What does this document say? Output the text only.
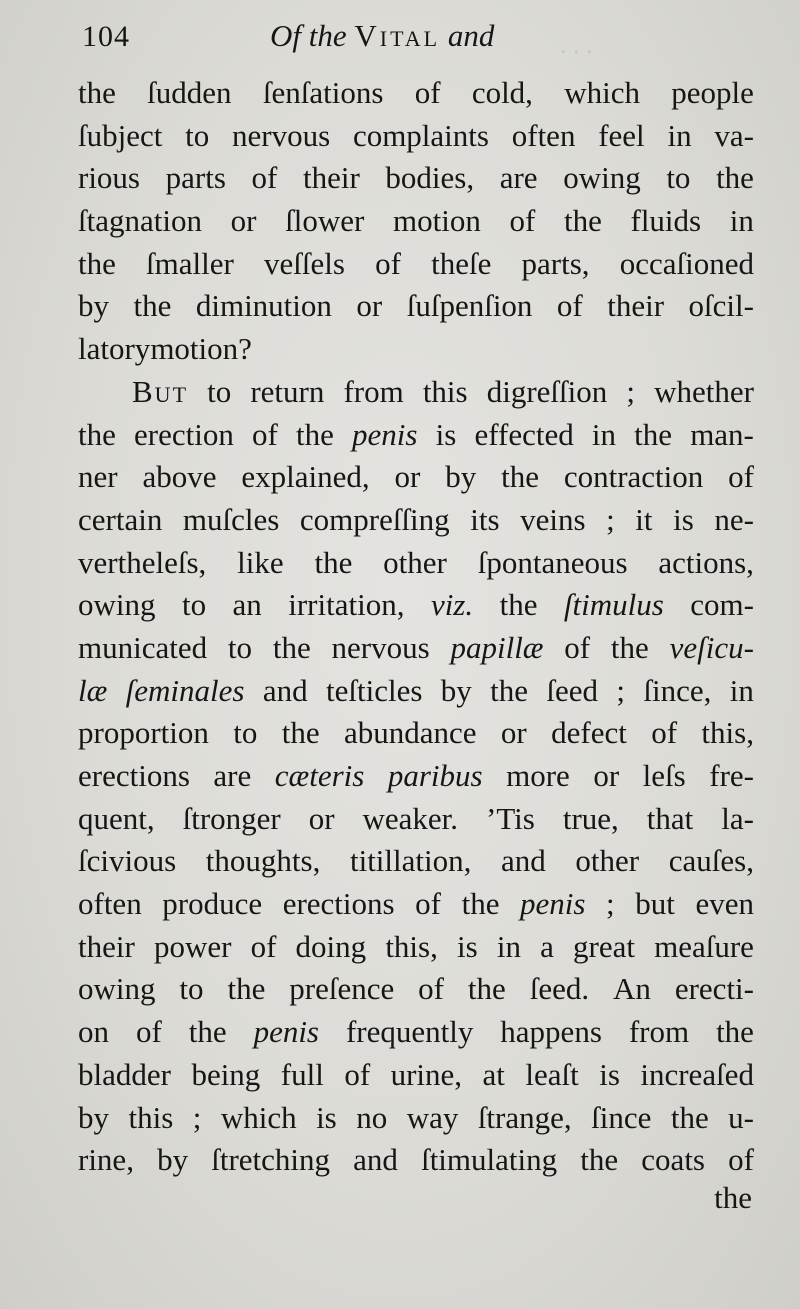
. . .
104	Of the Vital and
the ſudden ſenſations of cold, which people
ſubject to nervous complaints often feel in va-
rious parts of their bodies, are owing to the
ſtagnation or ſlower motion of the fluids in
the ſmaller veſſels of theſe parts, occaſioned
by the diminution or ſuſpenſion of their oſcil-
latory motion ?
But to return from this digreſſion ; whether
the erection of the penis is effected in the man-
ner above explained, or by the contraction of
certain muſcles compreſſing its veins ; it is ne-
vertheleſs, like the other ſpontaneous actions,
owing to an irritation, viz. the ſtimulus com-
municated to the nervous papillæ of the veſicu-
læ ſeminales and teſticles by the ſeed ; ſince, in
proportion to the abundance or defect of this,
erections are cæteris paribus more or leſs fre-
quent, ſtronger or weaker. ’Tis true, that la-
ſcivious thoughts, titillation, and other cauſes,
often produce erections of the penis ; but even
their power of doing this, is in a great meaſure
owing to the preſence of the ſeed. An erecti-
on of the penis frequently happens from the
bladder being full of urine, at leaſt is increaſed
by this ; which is no way ſtrange, ſince the u-
rine, by ſtretching and ſtimulating the coats of
the
